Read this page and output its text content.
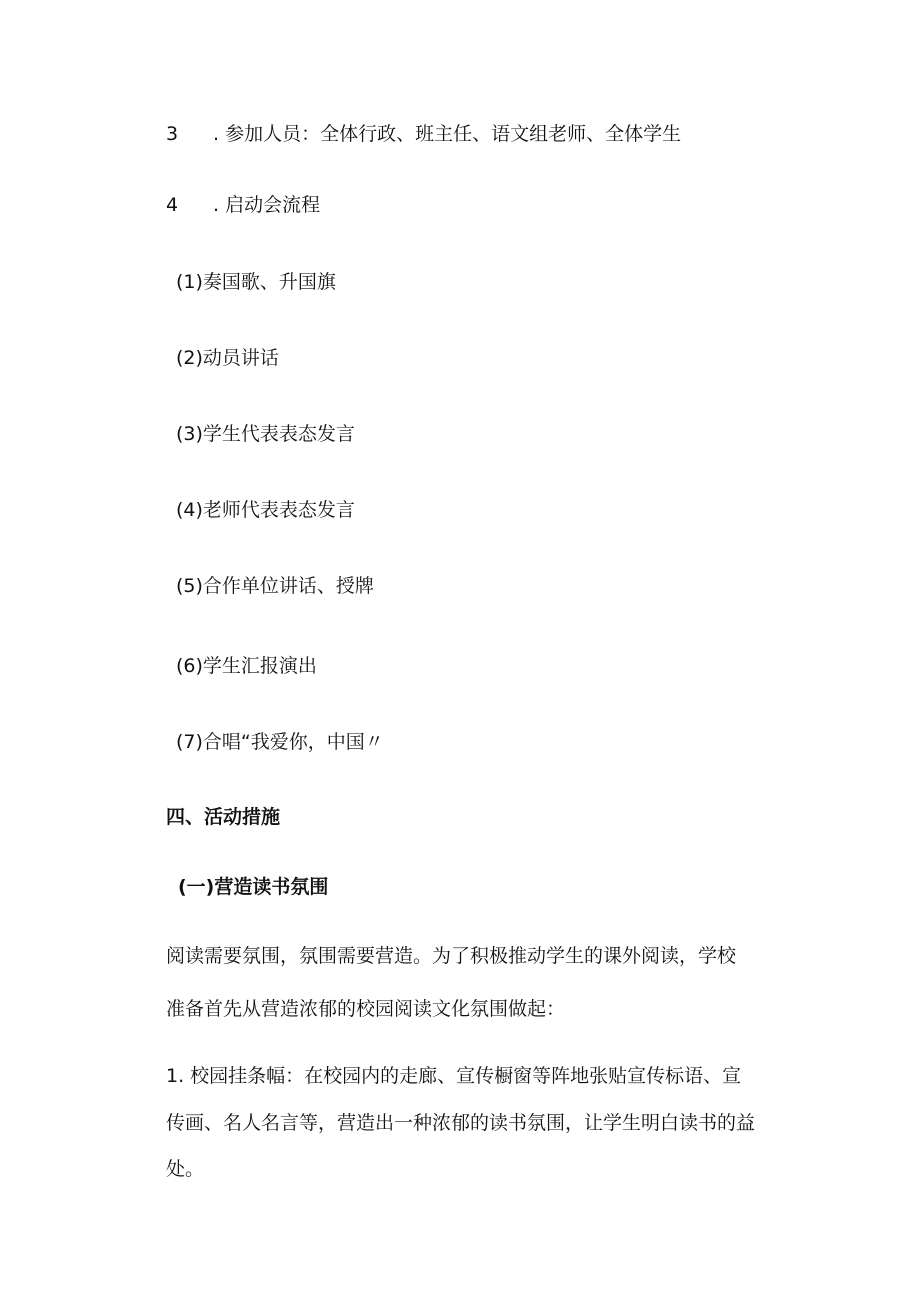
3 . 参加人员：全体行政、班主任、语文组老师、全体学生
4 . 启动会流程
(1)奏国歌、升国旗
(2)动员讲话
(3)学生代表表态发言
(4)老师代表表态发言
(5)合作单位讲话、授牌
(6)学生汇报演出
(7)合唱“我爱你，中国〃
四、活动措施
(一)营造读书氛围
阅读需要氛围，氛围需要营造。为了积极推动学生的课外阅读，学校
准备首先从营造浓郁的校园阅读文化氛围做起：
1. 校园挂条幅：在校园内的走廊、宣传橱窗等阵地张贴宣传标语、宣
传画、名人名言等，营造出一种浓郁的读书氛围，让学生明白读书的益
处。
